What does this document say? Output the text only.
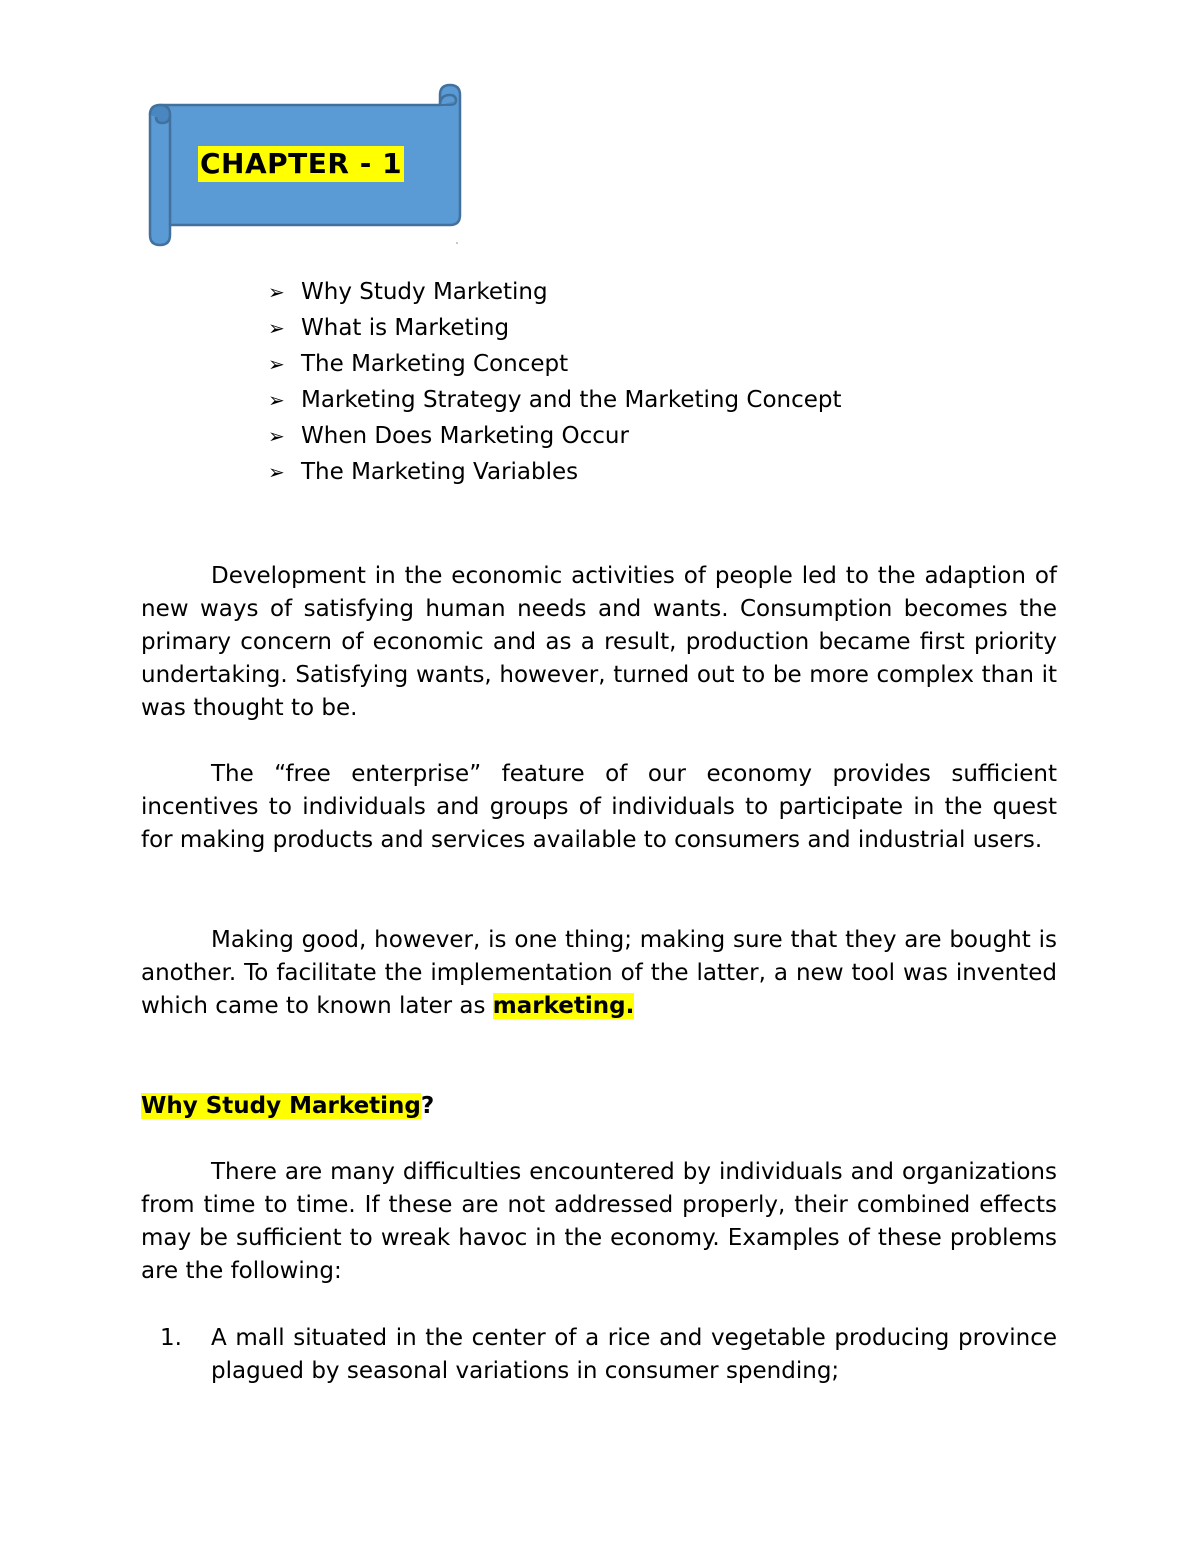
CHAPTER - 1
➢ Why Study Marketing
➢ What is Marketing
➢ The Marketing Concept
➢ Marketing Strategy and the Marketing Concept
➢ When Does Marketing Occur
➢ The Marketing Variables

Development in the economic activities of people led to the adaption of new ways of satisfying human needs and wants. Consumption becomes the primary concern of economic and as a result, production became first priority undertaking. Satisfying wants, however, turned out to be more complex than it was thought to be.

The “free enterprise” feature of our economy provides sufficient incentives to individuals and groups of individuals to participate in the quest for making products and services available to consumers and industrial users.

Making good, however, is one thing; making sure that they are bought is another. To facilitate the implementation of the latter, a new tool was invented which came to known later as marketing.

Why Study Marketing?

There are many difficulties encountered by individuals and organizations from time to time. If these are not addressed properly, their combined effects may be sufficient to wreak havoc in the economy. Examples of these problems are the following:

1. A mall situated in the center of a rice and vegetable producing province plagued by seasonal variations in consumer spending;
